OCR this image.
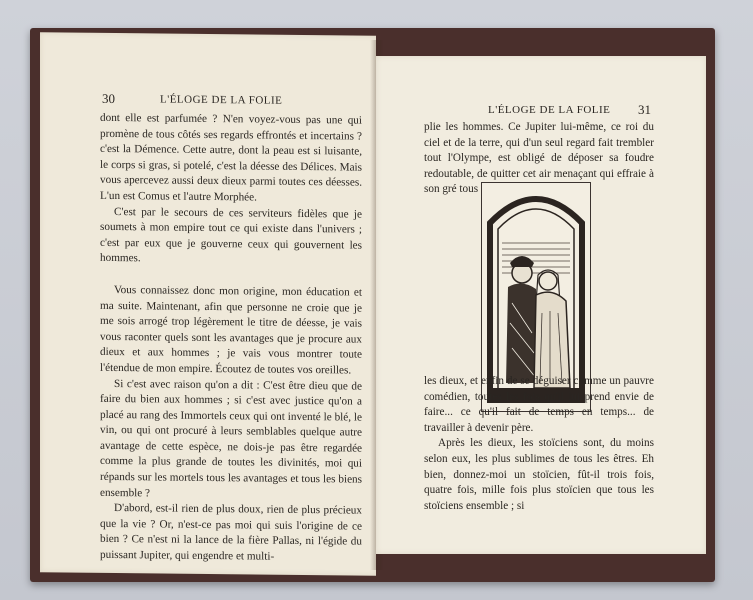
30	L'ÉLOGE DE LA FOLIE

dont elle est parfumée ? N'en voyez-vous pas une qui promène de tous côtés ses regards effrontés et incertains ? c'est la Démence. Cette autre, dont la peau est si luisante, le corps si gras, si potelé, c'est la déesse des Délices. Mais vous apercevez aussi deux dieux parmi toutes ces déesses. L'un est Comus et l'autre Morphée.

C'est par le secours de ces serviteurs fidèles que je soumets à mon empire tout ce qui existe dans l'univers ; c'est par eux que je gouverne ceux qui gouvernent les hommes.

Vous connaissez donc mon origine, mon éducation et ma suite. Maintenant, afin que personne ne croie que je me sois arrogé trop légèrement le titre de déesse, je vais vous raconter quels sont les avantages que je procure aux dieux et aux hommes ; je vais vous montrer toute l'étendue de mon empire. Écoutez de toutes vos oreilles.

Si c'est avec raison qu'on a dit : C'est être dieu que de faire du bien aux hommes ; si c'est avec justice qu'on a placé au rang des Immortels ceux qui ont inventé le blé, le vin, ou qui ont procuré à leurs semblables quelque autre avantage de cette espèce, ne dois-je pas être regardée comme la plus grande de toutes les divinités, moi qui répands sur les mortels tous les avantages et tous les biens ensemble ?

D'abord, est-il rien de plus doux, rien de plus précieux que la vie ? Or, n'est-ce pas moi qui suis l'origine de ce bien ? Ce n'est ni la lance de la fière Pallas, ni l'égide du puissant Jupiter, qui engendre et multi-

L'ÉLOGE DE LA FOLIE 31

plie les hommes. Ce Jupiter lui-même, ce roi du ciel et de la terre, qui d'un seul regard fait trembler tout l'Olympe, est obligé de déposer sa foudre redoutable, de quitter cet air menaçant qui effraie à son gré tous

les dieux, et enfin de se déguiser comme un pauvre comédien, toutes les fois qu'il lui prend envie de faire... ce qu'il fait de temps en temps... de travailler à devenir père.

Après les dieux, les stoïciens sont, du moins selon eux, les plus sublimes de tous les êtres. Eh bien, donnez-moi un stoïcien, fût-il trois fois, quatre fois, mille fois plus stoïcien que tous les stoïciens ensemble ; si
